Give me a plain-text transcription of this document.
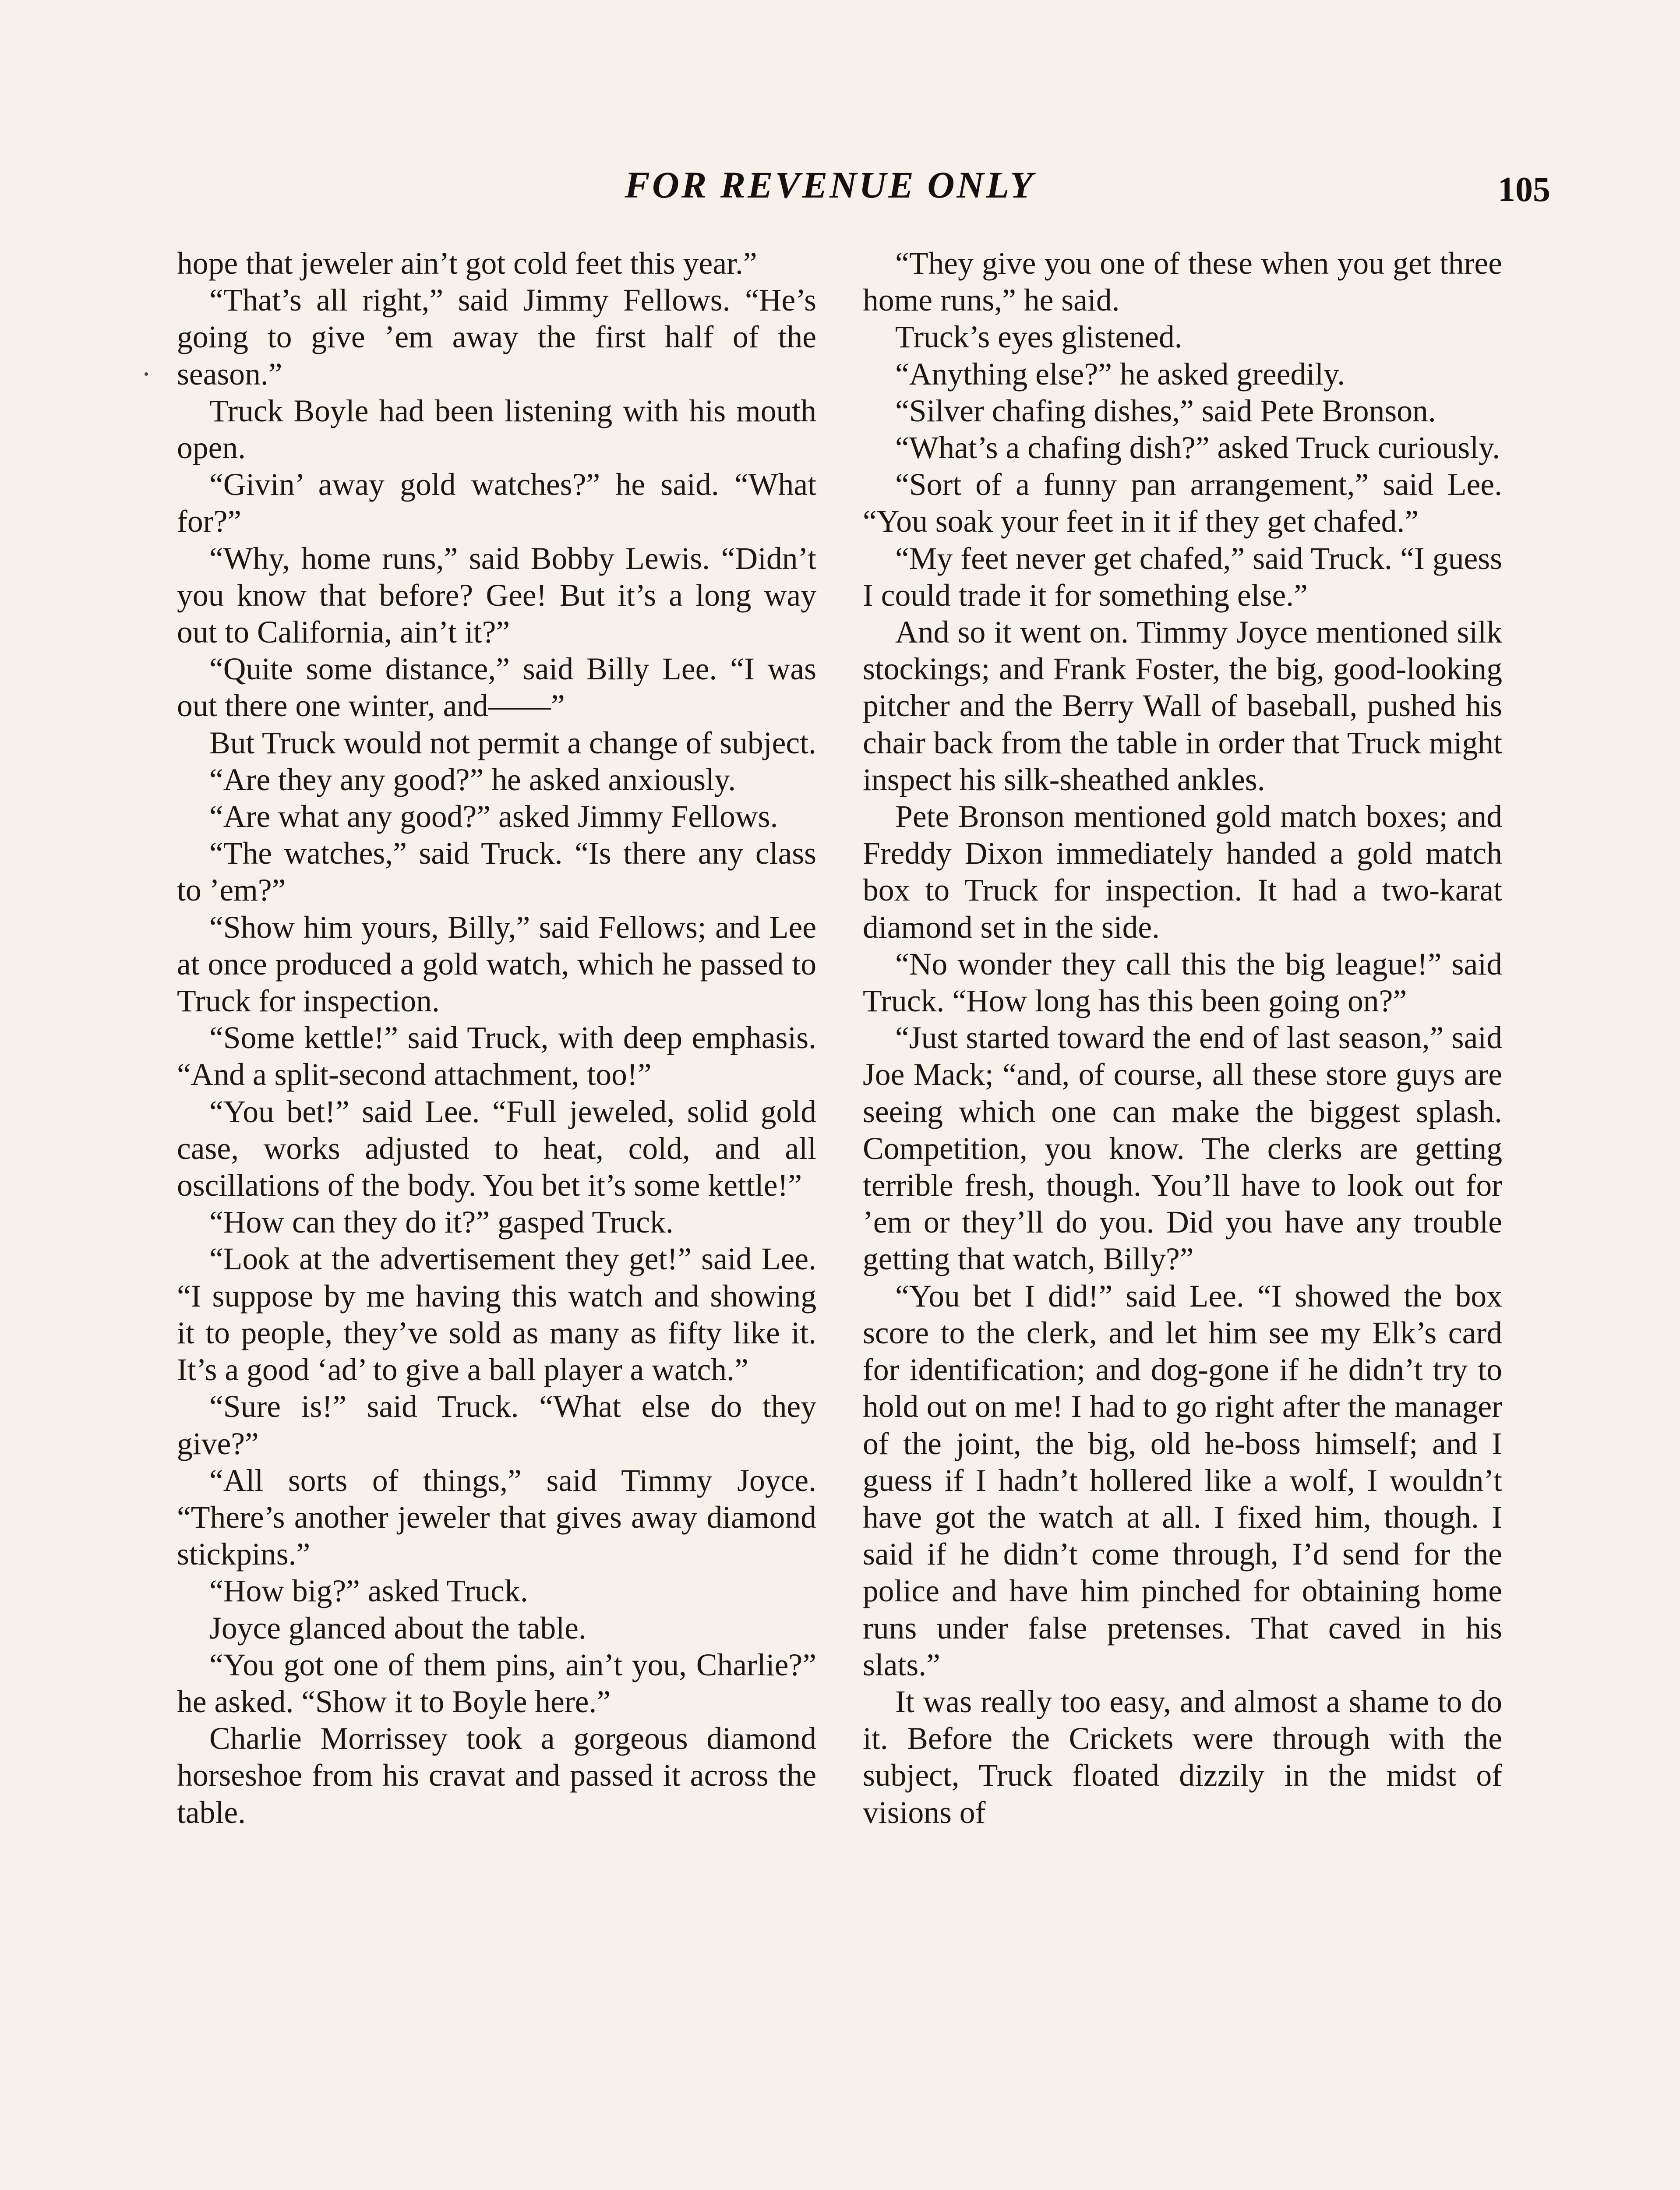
FOR REVENUE ONLY	105

hope that jeweler ain’t got cold feet this year.”

“That’s all right,” said Jimmy Fellows. “He’s going to give ’em away the first half of the season.”

Truck Boyle had been listening with his mouth open.

“Givin’ away gold watches?” he said. “What for?”

“Why, home runs,” said Bobby Lewis. “Didn’t you know that before? Gee! But it’s a long way out to California, ain’t it?”

“Quite some distance,” said Billy Lee. “I was out there one winter, and——”

But Truck would not permit a change of subject.

“Are they any good?” he asked anxiously.

“Are what any good?” asked Jimmy Fellows.

“The watches,” said Truck. “Is there any class to ’em?”

“Show him yours, Billy,” said Fellows; and Lee at once produced a gold watch, which he passed to Truck for inspection.

“Some kettle!” said Truck, with deep emphasis. “And a split-second attachment, too!”

“You bet!” said Lee. “Full jeweled, solid gold case, works adjusted to heat, cold, and all oscillations of the body. You bet it’s some kettle!”

“How can they do it?” gasped Truck.

“Look at the advertisement they get!” said Lee. “I suppose by me having this watch and showing it to people, they’ve sold as many as fifty like it. It’s a good ‘ad’ to give a ball player a watch.”

“Sure is!” said Truck. “What else do they give?”

“All sorts of things,” said Timmy Joyce. “There’s another jeweler that gives away diamond stickpins.”

“How big?” asked Truck.

Joyce glanced about the table.

“You got one of them pins, ain’t you, Charlie?” he asked. “Show it to Boyle here.”

Charlie Morrissey took a gorgeous diamond horseshoe from his cravat and passed it across the table.

“They give you one of these when you get three home runs,” he said.

Truck’s eyes glistened.

“Anything else?” he asked greedily.

“Silver chafing dishes,” said Pete Bronson.

“What’s a chafing dish?” asked Truck curiously.

“Sort of a funny pan arrangement,” said Lee. “You soak your feet in it if they get chafed.”

“My feet never get chafed,” said Truck. “I guess I could trade it for something else.”

And so it went on. Timmy Joyce mentioned silk stockings; and Frank Foster, the big, good-looking pitcher and the Berry Wall of baseball, pushed his chair back from the table in order that Truck might inspect his silk-sheathed ankles.

Pete Bronson mentioned gold match boxes; and Freddy Dixon immediately handed a gold match box to Truck for inspection. It had a two-karat diamond set in the side.

“No wonder they call this the big league!” said Truck. “How long has this been going on?”

“Just started toward the end of last season,” said Joe Mack; “and, of course, all these store guys are seeing which one can make the biggest splash. Competition, you know. The clerks are getting terrible fresh, though. You’ll have to look out for ’em or they’ll do you. Did you have any trouble getting that watch, Billy?”

“You bet I did!” said Lee. “I showed the box score to the clerk, and let him see my Elk’s card for identification; and dog-gone if he didn’t try to hold out on me! I had to go right after the manager of the joint, the big, old he-boss himself; and I guess if I hadn’t hollered like a wolf, I wouldn’t have got the watch at all. I fixed him, though. I said if he didn’t come through, I’d send for the police and have him pinched for obtaining home runs under false pretenses. That caved in his slats.”

It was really too easy, and almost a shame to do it. Before the Crickets were through with the subject, Truck floated dizzily in the midst of visions of
